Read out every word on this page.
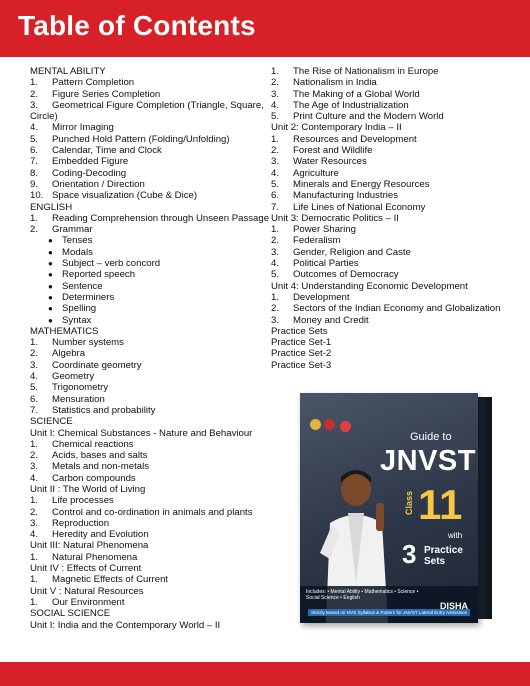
Table of Contents
MENTAL ABILITY
1. Pattern Completion
2. Figure Series Completion
3. Geometrical Figure Completion (Triangle, Square, Circle)
4. Mirror Imaging
5. Punched Hold Pattern (Folding/Unfolding)
6. Calendar, Time and Clock
7. Embedded Figure
8. Coding-Decoding
9. Orientation / Direction
10. Space visualization (Cube & Dice)
ENGLISH
1. Reading Comprehension through Unseen Passage
2. Grammar
● Tenses
● Modals
● Subject – verb concord
● Reported speech
● Sentence
● Determiners
● Spelling
● Syntax
MATHEMATICS
1. Number systems
2. Algebra
3. Coordinate geometry
4. Geometry
5. Trigonometry
6. Mensuration
7. Statistics and probability
SCIENCE
Unit I: Chemical Substances - Nature and Behaviour
1. Chemical reactions
2. Acids, bases and salts
3. Metals and non-metals
4. Carbon compounds
Unit II : The World of Living
1. Life processes
2. Control and co-ordination in animals and plants
3. Reproduction
4. Heredity and Evolution
Unit III: Natural Phenomena
1. Natural Phenomena
Unit IV : Effects of Current
1. Magnetic Effects of Current
Unit V : Natural Resources
1. Our Environment
SOCIAL SCIENCE
Unit I: India and the Contemporary World – II
1. The Rise of Nationalism in Europe
2. Nationalism in India
3. The Making of a Global World
4. The Age of Industrialization
5. Print Culture and the Modern World
Unit 2: Contemporary India – II
1. Resources and Development
2. Forest and Wildlife
3. Water Resources
4. Agriculture
5. Minerals and Energy Resources
6. Manufacturing Industries
7. Life Lines of National Economy
Unit 3: Democratic Politics – II
1. Power Sharing
2. Federalism
3. Gender, Religion and Caste
4. Political Parties
5. Outcomes of Democracy
Unit 4: Understanding Economic Development
1. Development
2. Sectors of the Indian Economy and Globalization
3. Money and Credit
Practice Sets
Practice Set-1
Practice Set-2
Practice Set-3
Guide to
JNVST
Class 11
with
3 Practice
Sets
Includes: • Mental Ability • Mathematics • Science • Social Science • English
Strictly Based on NVS Syllabus & Pattern for JNVST Lateral Entry Admission
DISHA
